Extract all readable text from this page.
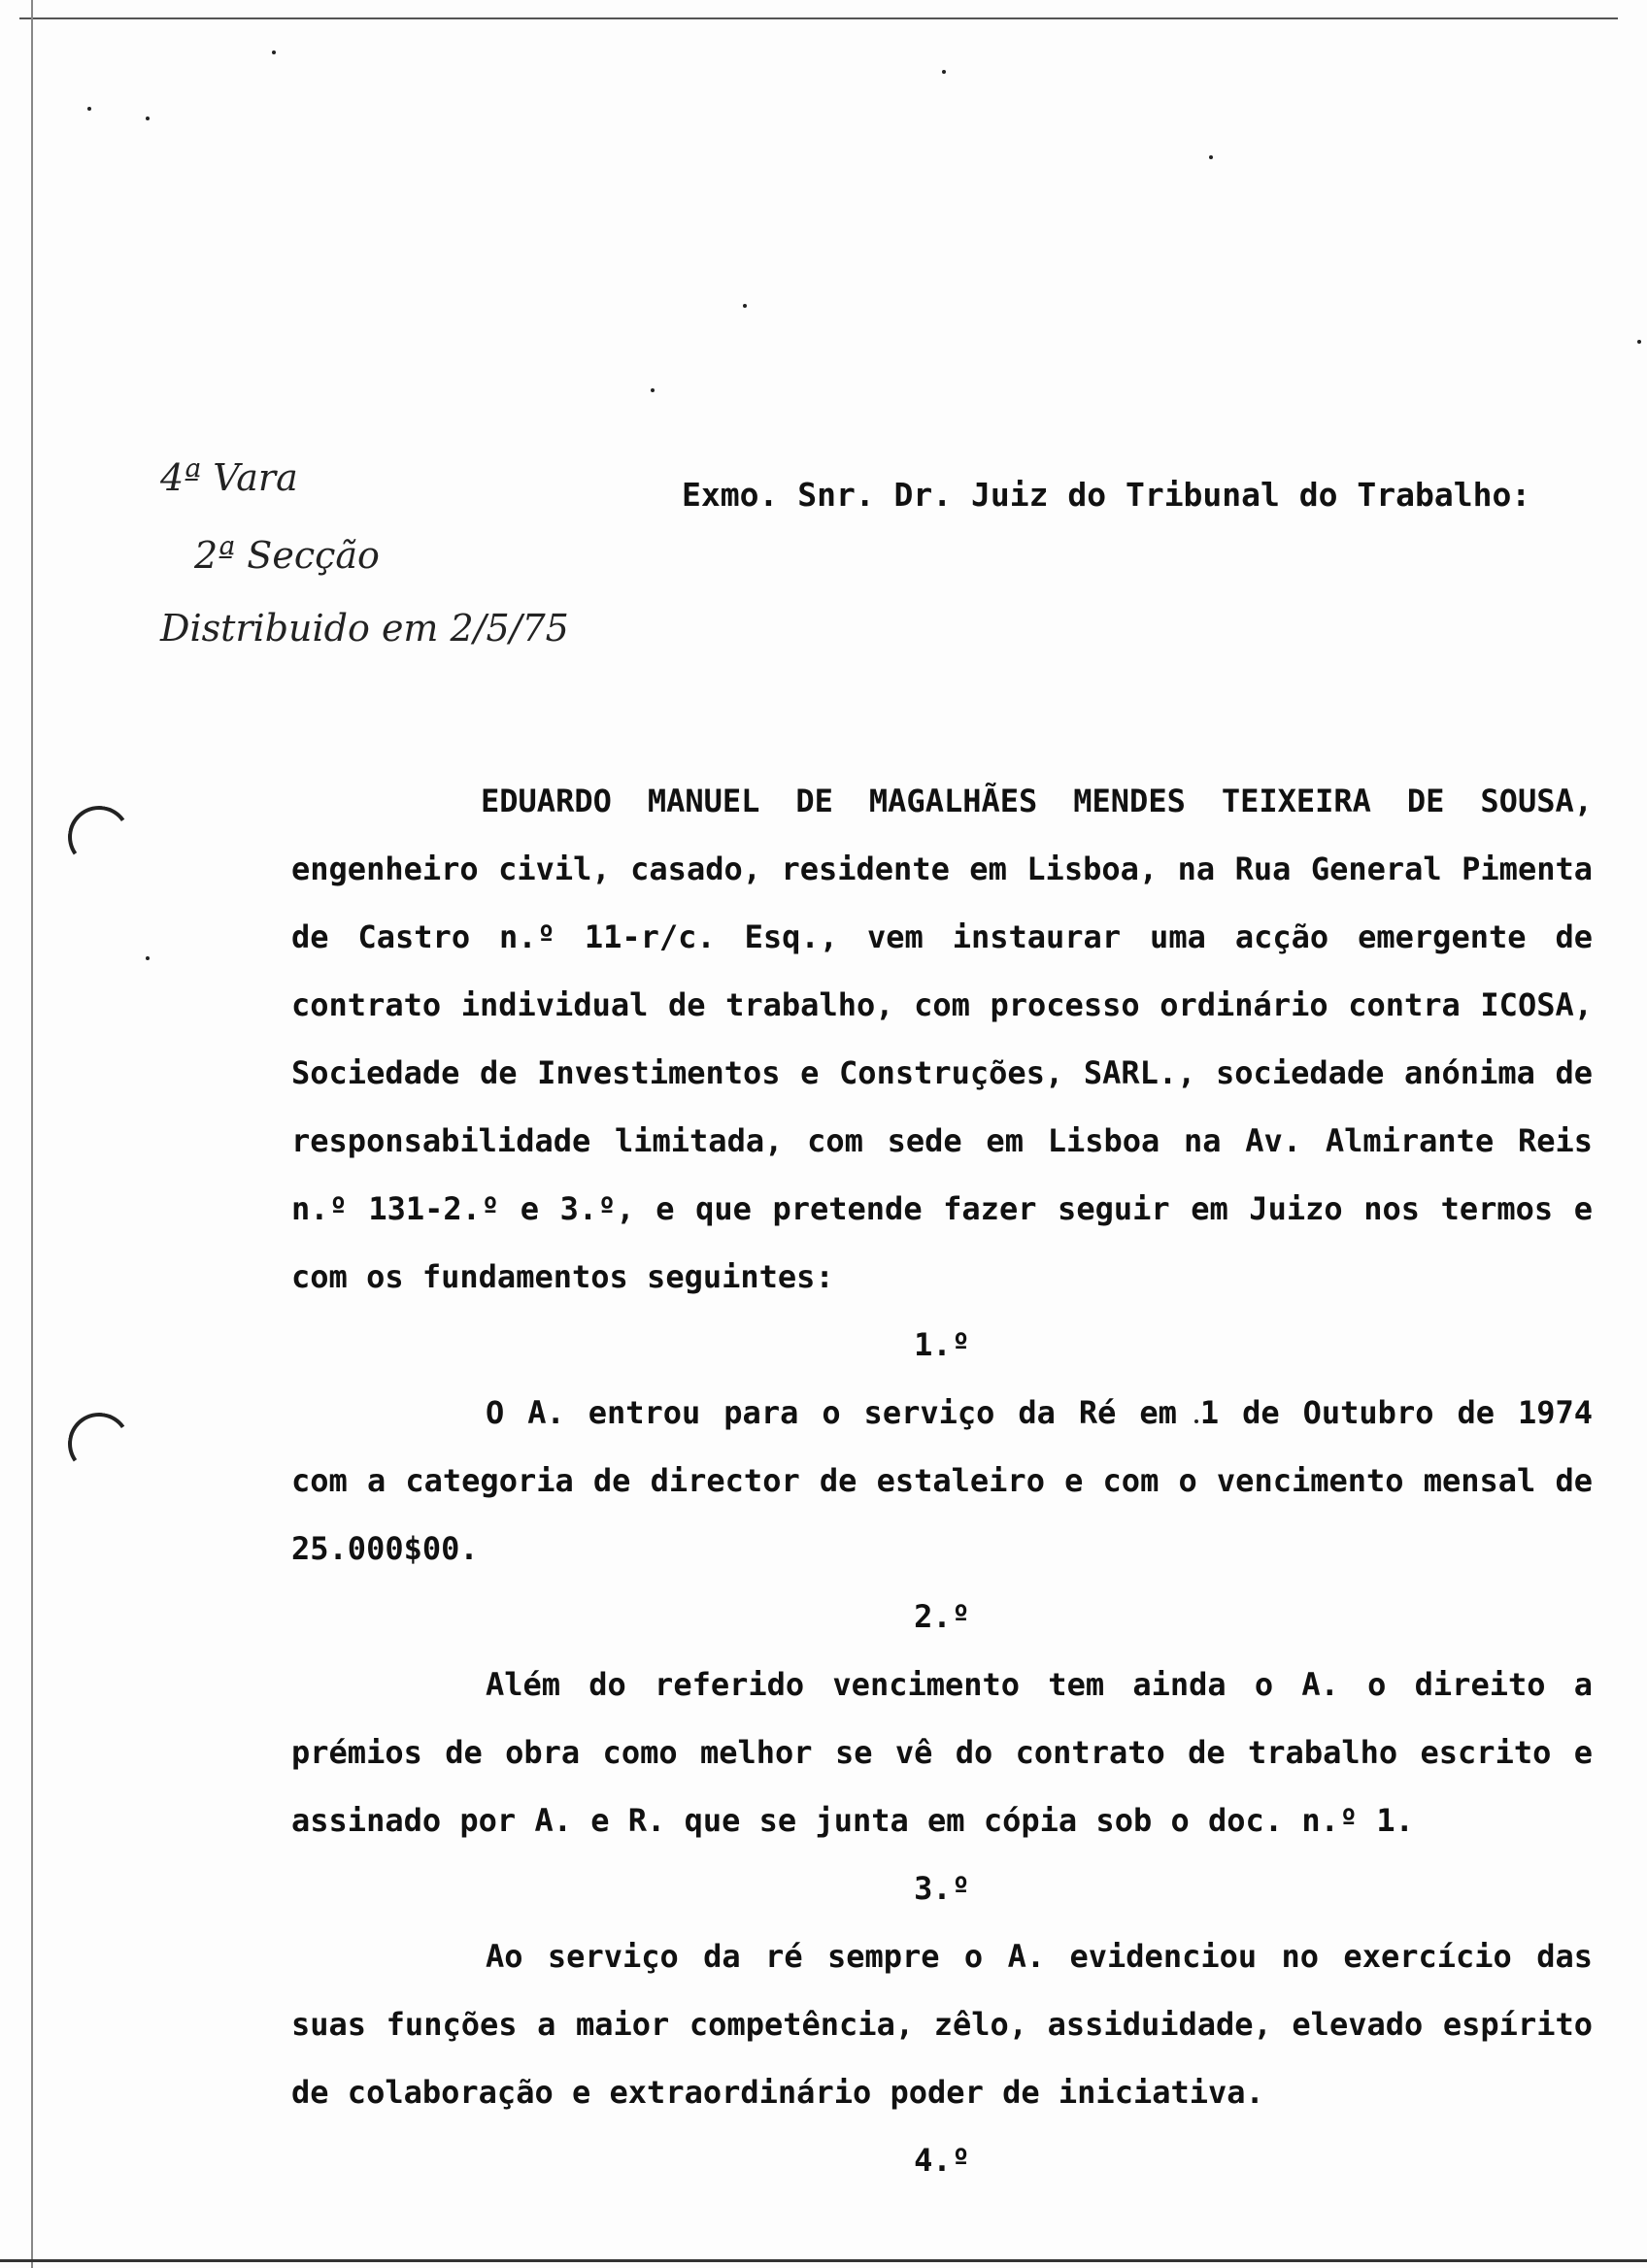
4ª Vara
2ª Secção
Distribuido em 2/5/75
Exmo. Snr. Dr. Juiz do Tribunal do Trabalho:

EDUARDO MANUEL DE MAGALHÃES MENDES TEIXEIRA DE SOUSA, engenheiro civil, casado, residente em Lisboa, na Rua General Pimenta de Castro n.º 11-r/c. Esq., vem instaurar uma acção emergente de contrato individual de trabalho, com processo ordinário contra ICOSA, Sociedade de Investimentos e Construções, SARL., sociedade anónima de responsabilidade limitada, com sede em Lisboa na Av. Almirante Reis n.º 131-2.º e 3.º, e que pretende fazer seguir em Juizo nos termos e com os fundamentos seguintes:

1.º

O A. entrou para o serviço da Ré em 1 de Outubro de 1974 com a categoria de director de estaleiro e com o vencimento mensal de 25.000$00.

2.º

Além do referido vencimento tem ainda o A. o direito a prémios de obra como melhor se vê do contrato de trabalho escrito e assinado por A. e R. que se junta em cópia sob o doc. n.º 1.

3.º

Ao serviço da ré sempre o A. evidenciou no exercício das suas funções a maior competência, zêlo, assiduidade, elevado espírito de colaboração e extraordinário poder de iniciativa.

4.º
